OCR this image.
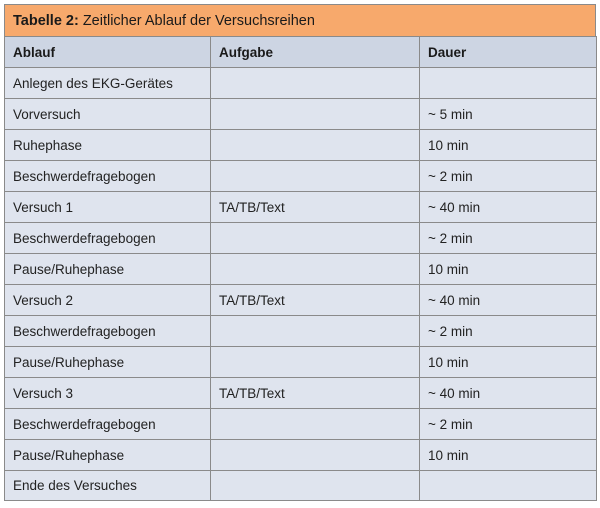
Tabelle 2: Zeitlicher Ablauf der Versuchsreihen
Ablauf	Aufgabe	Dauer
Anlegen des EKG-Gerätes		
Vorversuch		~ 5 min
Ruhephase		10 min
Beschwerdefragebogen		~ 2 min
Versuch 1	TA/TB/Text	~ 40 min
Beschwerdefragebogen		~ 2 min
Pause/Ruhephase		10 min
Versuch 2	TA/TB/Text	~ 40 min
Beschwerdefragebogen		~ 2 min
Pause/Ruhephase		10 min
Versuch 3	TA/TB/Text	~ 40 min
Beschwerdefragebogen		~ 2 min
Pause/Ruhephase		10 min
Ende des Versuches		
